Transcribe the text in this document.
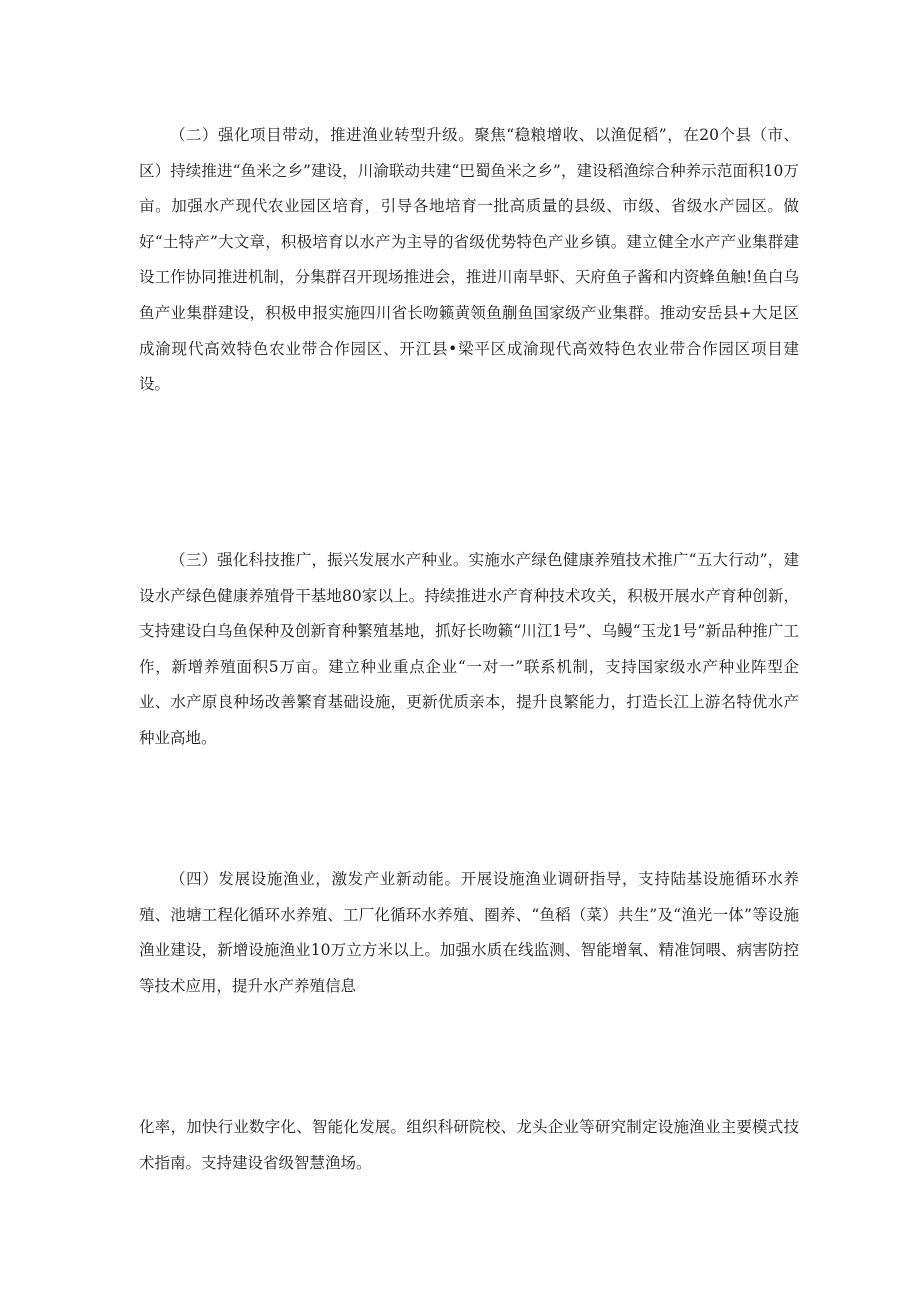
（二）强化项目带动，推进渔业转型升级。聚焦“稳粮增收、以渔促稻”，在20个县（市、区）持续推进“鱼米之乡”建设，川渝联动共建“巴蜀鱼米之乡”，建设稻渔综合种养示范面积10万亩。加强水产现代农业园区培育，引导各地培育一批高质量的县级、市级、省级水产园区。做好“土特产”大文章，积极培育以水产为主导的省级优势特色产业乡镇。建立健全水产产业集群建设工作协同推进机制，分集群召开现场推进会，推进川南旱虾、天府鱼子酱和内资蜂鱼触!鱼白乌鱼产业集群建设，积极申报实施四川省长吻籁黄领鱼蒯鱼国家级产业集群。推动安岳县+大足区成渝现代高效特色农业带合作园区、开江县•梁平区成渝现代高效特色农业带合作园区项目建设。

（三）强化科技推广，振兴发展水产种业。实施水产绿色健康养殖技术推广“五大行动”，建设水产绿色健康养殖骨干基地80家以上。持续推进水产育种技术攻关，积极开展水产育种创新，支持建设白乌鱼保种及创新育种繁殖基地，抓好长吻籁“川江1号”、乌鳗“玉龙1号”新品种推广工作，新增养殖面积5万亩。建立种业重点企业“一对一”联系机制，支持国家级水产种业阵型企业、水产原良种场改善繁育基础设施，更新优质亲本，提升良繁能力，打造长江上游名特优水产种业高地。

（四）发展设施渔业，激发产业新动能。开展设施渔业调研指导，支持陆基设施循环水养殖、池塘工程化循环水养殖、工厂化循环水养殖、圈养、“鱼稻（菜）共生”及“渔光一体”等设施渔业建设，新增设施渔业10万立方米以上。加强水质在线监测、智能增氧、精准饲喂、病害防控等技术应用，提升水产养殖信息

化率，加快行业数字化、智能化发展。组织科研院校、龙头企业等研究制定设施渔业主要模式技术指南。支持建设省级智慧渔场。
